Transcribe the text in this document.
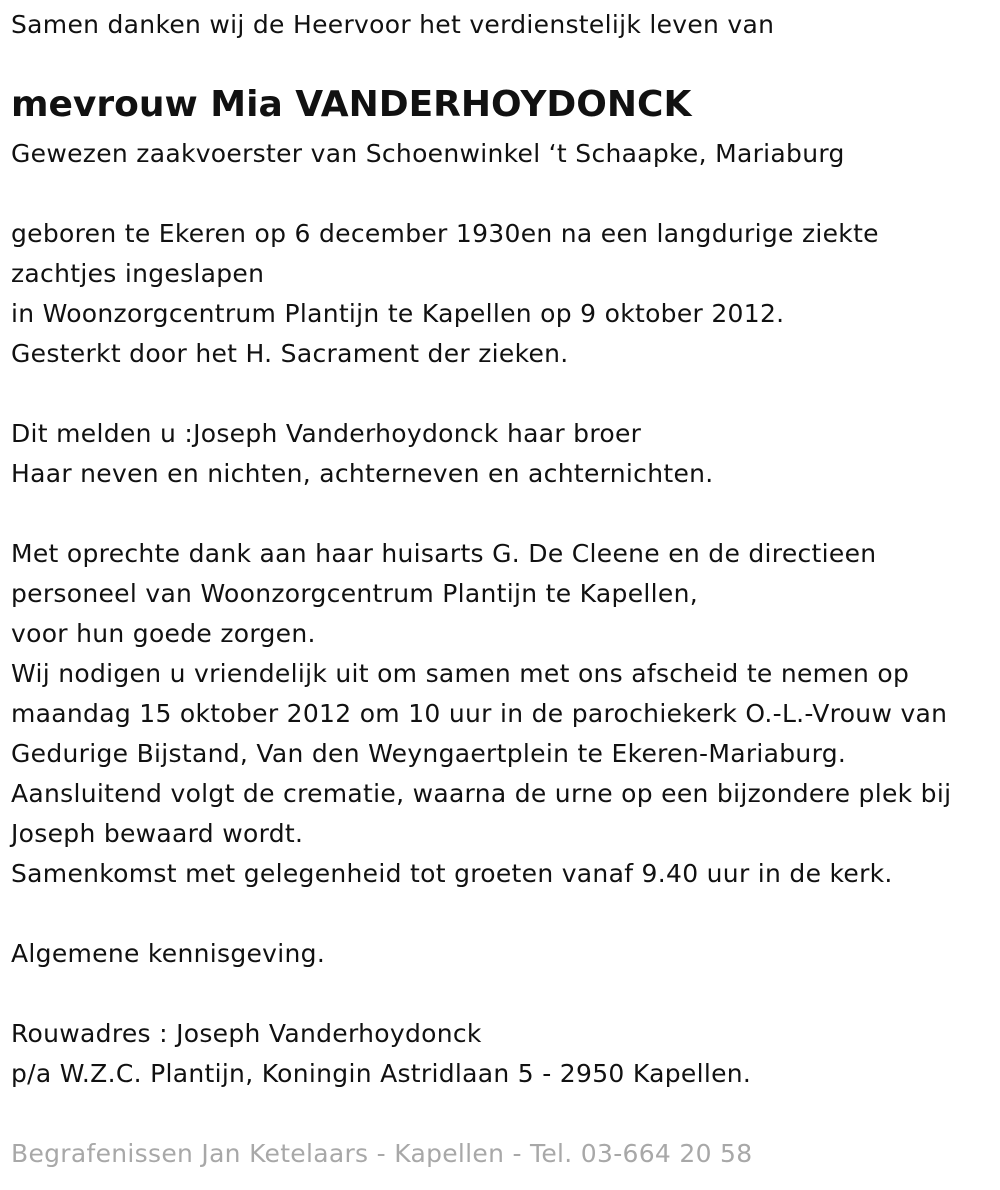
Samen danken wij de Heervoor het verdienstelijk leven van
mevrouw Mia VANDERHOYDONCK
Gewezen zaakvoerster van Schoenwinkel ‘t Schaapke, Mariaburg
geboren te Ekeren op 6 december 1930en na een langdurige ziekte
zachtjes ingeslapen
in Woonzorgcentrum Plantijn te Kapellen op 9 oktober 2012.
Gesterkt door het H. Sacrament der zieken.
Dit melden u :Joseph Vanderhoydonck haar broer
Haar neven en nichten, achterneven en achternichten.
Met oprechte dank aan haar huisarts G. De Cleene en de directieen
personeel van Woonzorgcentrum Plantijn te Kapellen,
voor hun goede zorgen.
Wij nodigen u vriendelijk uit om samen met ons afscheid te nemen op
maandag 15 oktober 2012 om 10 uur in de parochiekerk O.-L.-Vrouw van
Gedurige Bijstand, Van den Weyngaertplein te Ekeren-Mariaburg.
Aansluitend volgt de crematie, waarna de urne op een bijzondere plek bij
Joseph bewaard wordt.
Samenkomst met gelegenheid tot groeten vanaf 9.40 uur in de kerk.
Algemene kennisgeving.
Rouwadres : Joseph Vanderhoydonck
p/a W.Z.C. Plantijn, Koningin Astridlaan 5 - 2950 Kapellen.
Begrafenissen Jan Ketelaars - Kapellen - Tel. 03-664 20 58
